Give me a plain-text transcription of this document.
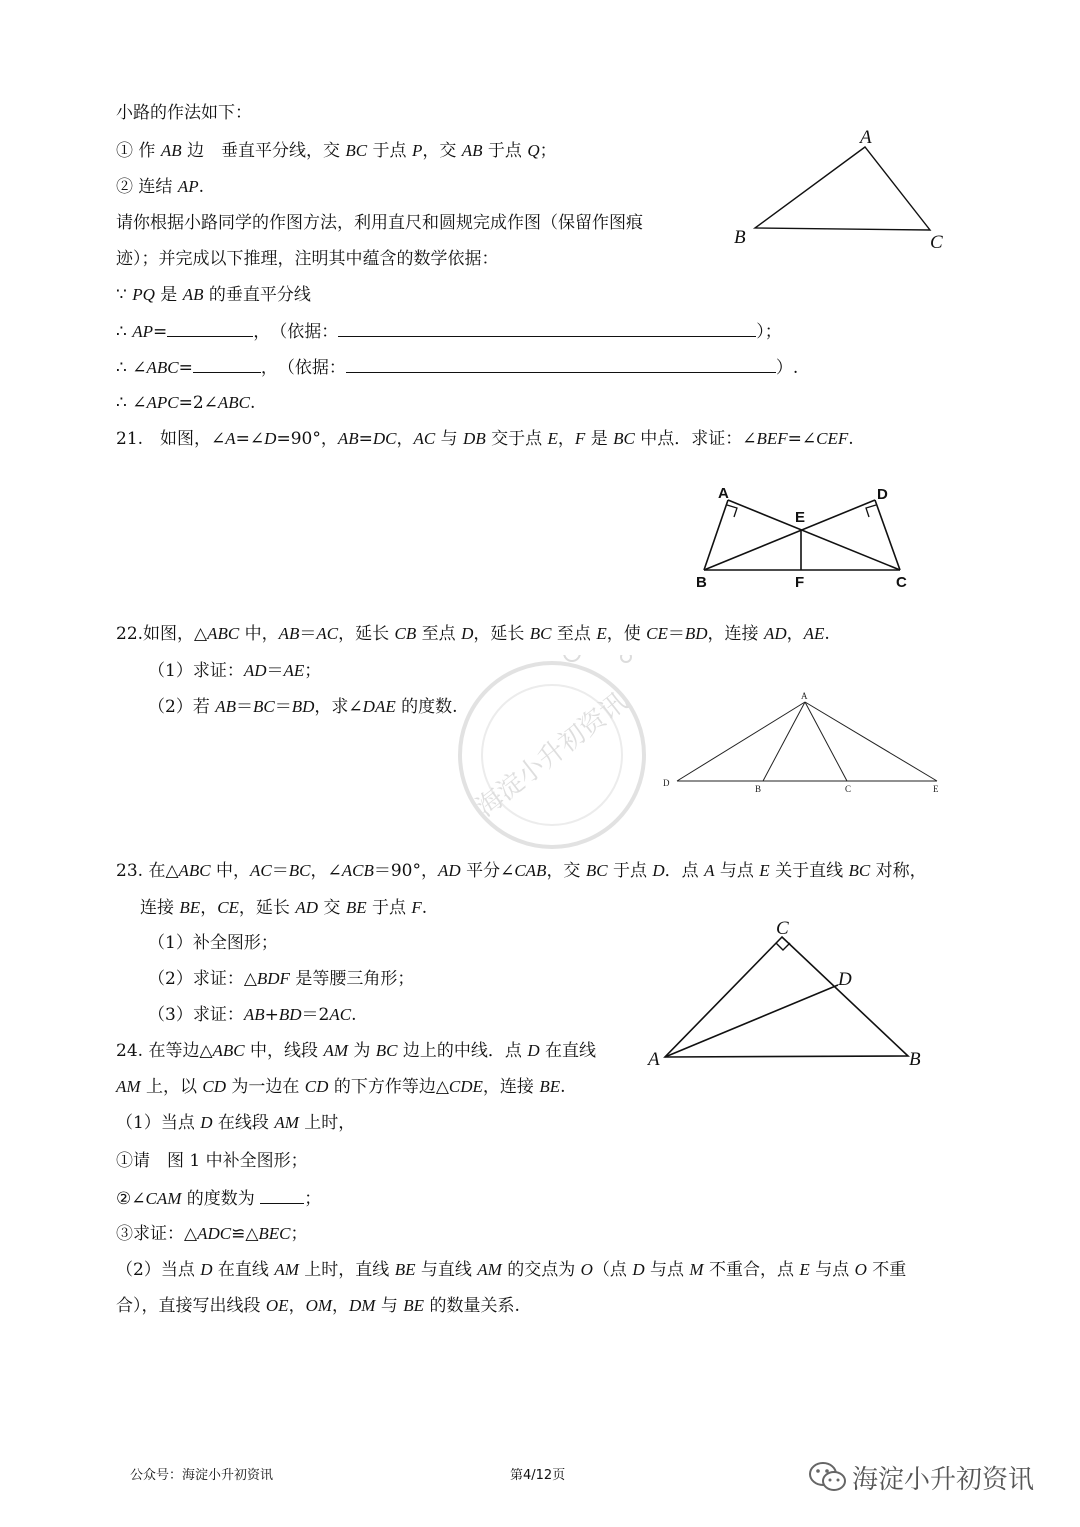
小路的作法如下：
① 作 AB 边　垂直平分线，交 BC 于点 P，交 AB 于点 Q；
② 连结 AP.
请你根据小路同学的作图方法，利用直尺和圆规完成作图（保留作图痕
迹）；并完成以下推理，注明其中蕴含的数学依据：
∵ PQ 是 AB 的垂直平分线
∴ AP=	，　（依据：	）；
∴ ∠ABC=	，　（依据：	）.
∴ ∠APC=2∠ABC.
A
B	C
21.　如图，∠A=∠D=90°，AB=DC，AC 与 DB 交于点 E，F 是 BC 中点．求证：∠BEF=∠CEF.
A	D
E
B	F	C
22.如图，△ABC 中，AB＝AC，延长 CB 至点 D，延长 BC 至点 E，使 CE＝BD，连接 AD，AE.
（1）求证：AD＝AE；
（2）若 AB＝BC＝BD，求∠DAE 的度数.
A
D
B	C	E
海淀小升初资讯
23. 在△ABC 中，AC＝BC，∠ACB＝90°，AD 平分∠CAB，交 BC 于点 D．点 A 与点 E 关于直线 BC 对称，
连接 BE，CE，延长 AD 交 BE 于点 F.
（1）补全图形；
（2）求证：△BDF 是等腰三角形；
（3）求证：AB+BD＝2AC.
C
D
A	B
24. 在等边△ABC 中，线段 AM 为 BC 边上的中线．点 D 在直线
AM 上，以 CD 为一边在 CD 的下方作等边△CDE，连接 BE.
（1）当点 D 在线段 AM 上时，
①请　图 1 中补全图形；
②∠CAM 的度数为	；
③求证：△ADC≌△BEC；
（2）当点 D 在直线 AM 上时，直线 BE 与直线 AM 的交点为 O（点 D 与点 M 不重合，点 E 与点 O 不重
合），直接写出线段 OE，OM，DM 与 BE 的数量关系.
公众号：海淀小升初资讯	第4/12页	海淀小升初资讯
